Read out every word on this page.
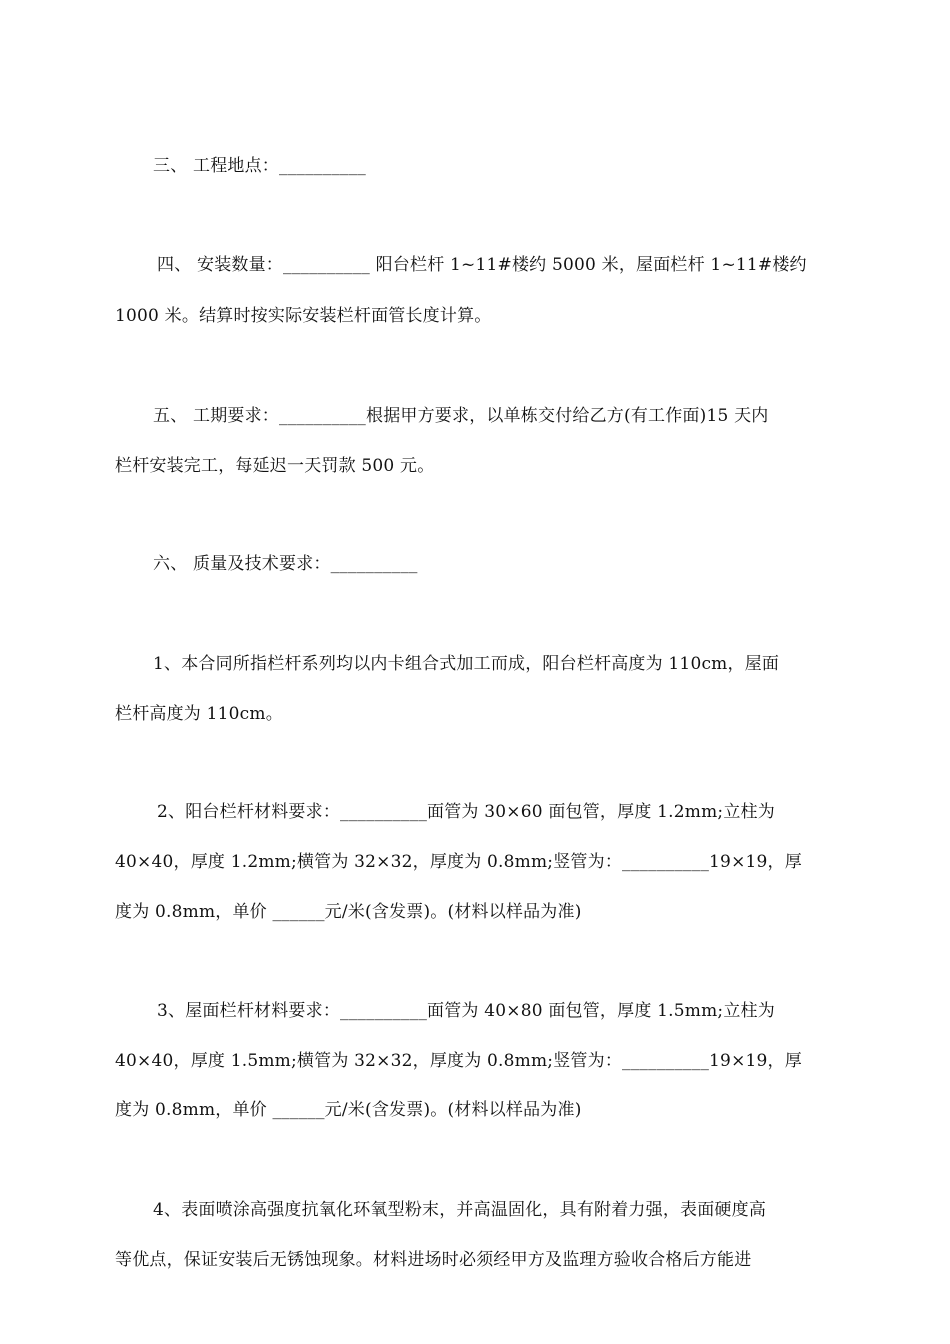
三、 工程地点：__________
四、 安装数量：__________ 阳台栏杆 1~11#楼约 5000 米，屋面栏杆 1~11#楼约
1000 米。结算时按实际安装栏杆面管长度计算。
五、 工期要求：__________根据甲方要求，以单栋交付给乙方(有工作面)15 天内
栏杆安装完工，每延迟一天罚款 500 元。
六、 质量及技术要求：__________
1、本合同所指栏杆系列均以内卡组合式加工而成，阳台栏杆高度为 110cm，屋面
栏杆高度为 110cm。
2、阳台栏杆材料要求：__________面管为 30×60 面包管，厚度 1.2mm;立柱为
40×40，厚度 1.2mm;横管为 32×32，厚度为 0.8mm;竖管为：__________19×19，厚
度为 0.8mm，单价 ______元/米(含发票)。(材料以样品为准)
3、屋面栏杆材料要求：__________面管为 40×80 面包管，厚度 1.5mm;立柱为
40×40，厚度 1.5mm;横管为 32×32，厚度为 0.8mm;竖管为：__________19×19，厚
度为 0.8mm，单价 ______元/米(含发票)。(材料以样品为准)
4、表面喷涂高强度抗氧化环氧型粉末，并高温固化，具有附着力强，表面硬度高
等优点，保证安装后无锈蚀现象。材料进场时必须经甲方及监理方验收合格后方能进
